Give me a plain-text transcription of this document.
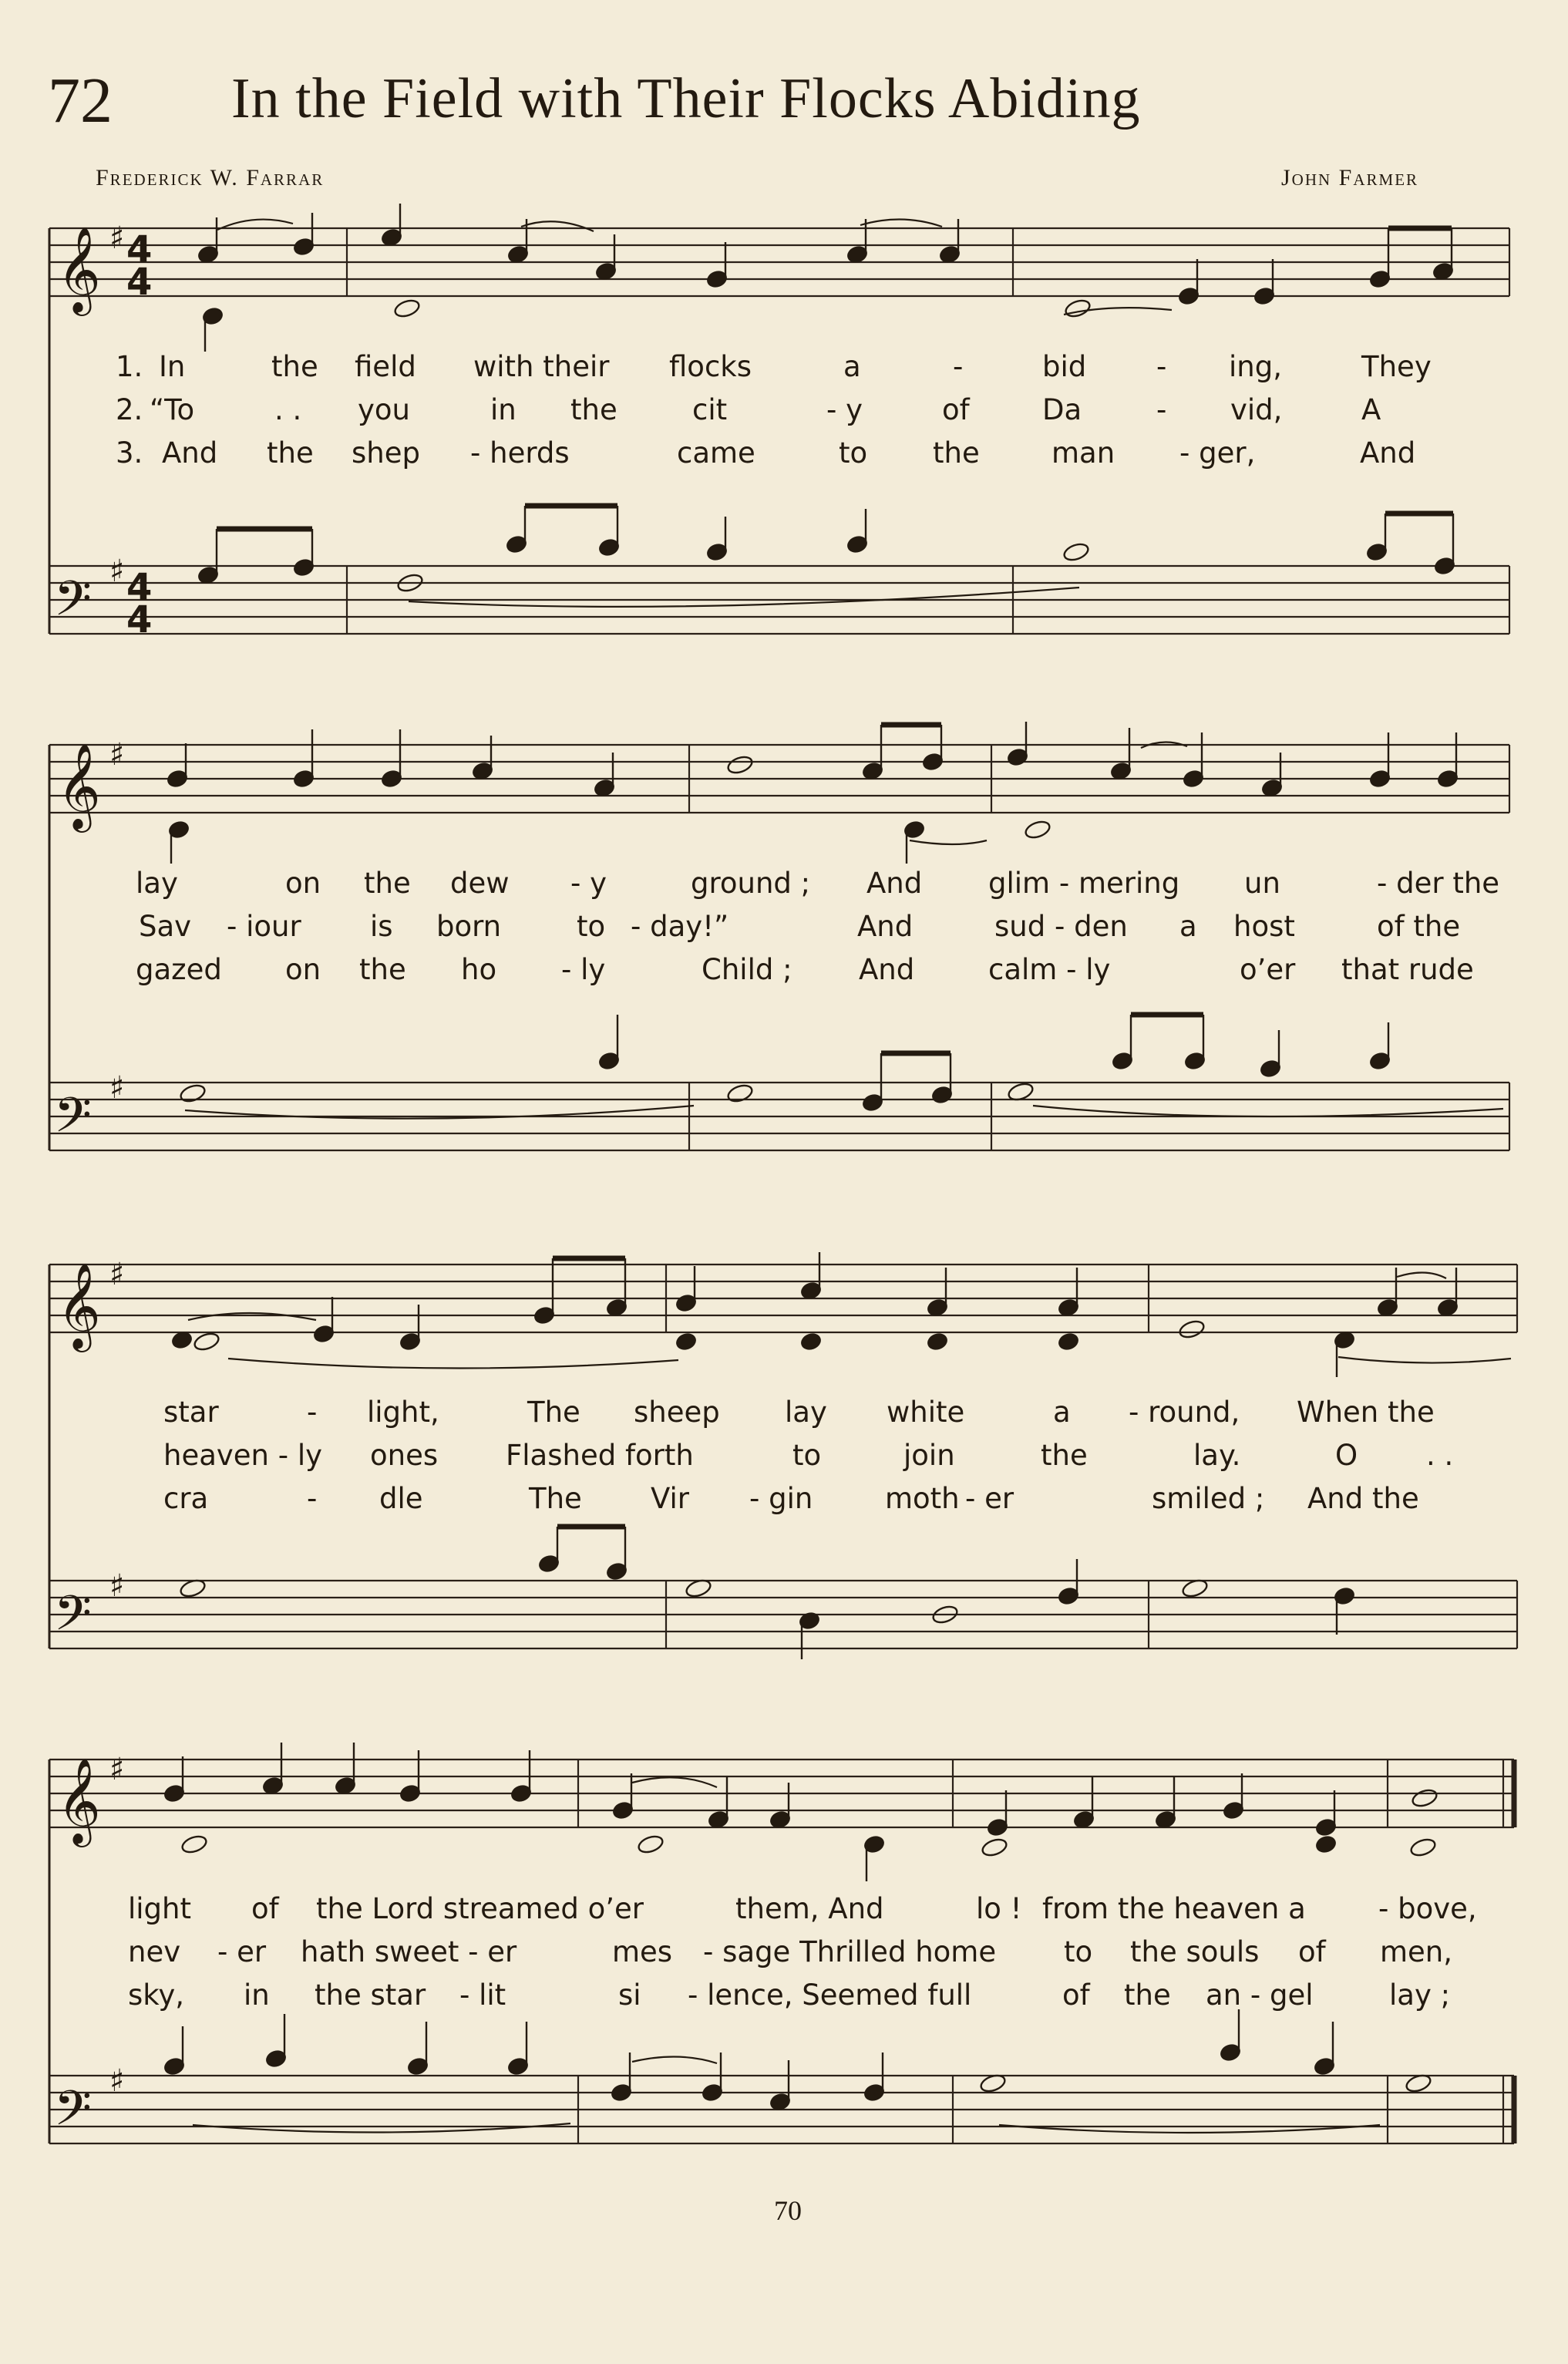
72 In the Field with Their Flocks Abiding
Frederick W. Farrar	John Farmer
𝄞
𝄢
♯
♯
4
4
4
4
1. In	the field with their flocks	a	-	bid - ing,	They
2. “To	. . you	in the	cit	- y	of	Da	- vid,	A
3. And the shep - herds	came	to the	man - ger,	And
𝄞
𝄢
♯
♯
lay	on the dew - y	ground ; And glim - mering un	- der the
Sav - iour is born	to - day!”	And	sud - den a host	of the
gazed on the ho - ly	Child ; And	calm - ly	o’er that rude
𝄞
𝄢
♯
♯
star	- light,	The sheep lay white	a - round, When the
heaven - ly ones Flashed forth	to	join	the	lay.	O . .
cra	- dle	The Vir - gin	moth - er	smiled ; And the
𝄞
𝄢
♯
♯
light of the Lord streamed o’er	them, And	lo ! from the heaven a	- bove,
nev - er hath sweet - er	mes - sage Thrilled home to the souls of men,
sky, in the star - lit	si - lence, Seemed full	of the an - gel	lay ;
70
